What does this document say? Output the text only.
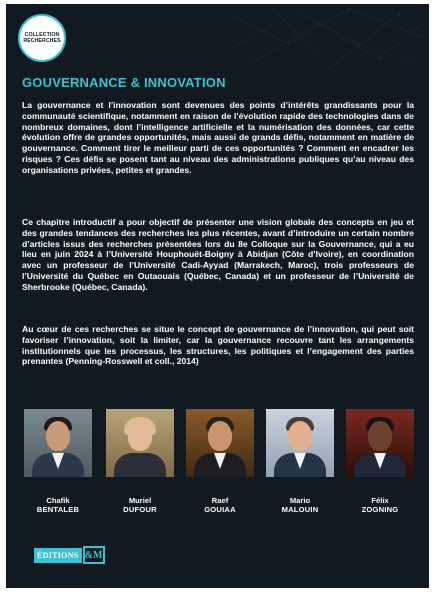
COLLECTION
RECHERCHES
GOUVERNANCE & INNOVATION

La gouvernance et l’innovation sont devenues des points d’intérêts grandissants pour la communauté scientifique, notamment en raison de l’évolution rapide des technologies dans de nombreux domaines, dont l’intelligence artificielle et la numérisation des données, car cette évolution offre de grandes opportunités, mais aussi de grands défis, notamment en matière de gouvernance. Comment tirer le meilleur parti de ces opportunités ? Comment en encadrer les risques ? Ces défis se posent tant au niveau des administrations publiques qu’au niveau des organisations privées, petites et grandes.

Ce chapitre introductif a pour objectif de présenter une vision globale des concepts en jeu et des grandes tendances des recherches les plus récentes, avant d’introduire un certain nombre d’articles issus des recherches présentées lors du 8e Colloque sur la Gouvernance, qui a eu lieu en juin 2024 à l’Université Houphouët-Boigny à Abidjan (Côte d’Ivoire), en coordination avec un professeur de l’Université Cadi-Ayyad (Marrakech, Maroc), trois professeurs de l’Université du Québec en Outaouais (Québec, Canada) et un professeur de l’Université de Sherbrooke (Québec, Canada).

Au cœur de ces recherches se situe le concept de gouvernance de l’innovation, qui peut soit favoriser l’innovation, soit la limiter, car la gouvernance recouvre tant les arrangements institutionnels que les processus, les structures, les politiques et l’engagement des parties prenantes (Penning-Rosswell et coll., 2014)

Chafik
BENTALEB
Muriel
DUFOUR
Raef
GOUIAA
Mario
MALOUIN
Félix
ZOGNING
ÉDITIONS &M
